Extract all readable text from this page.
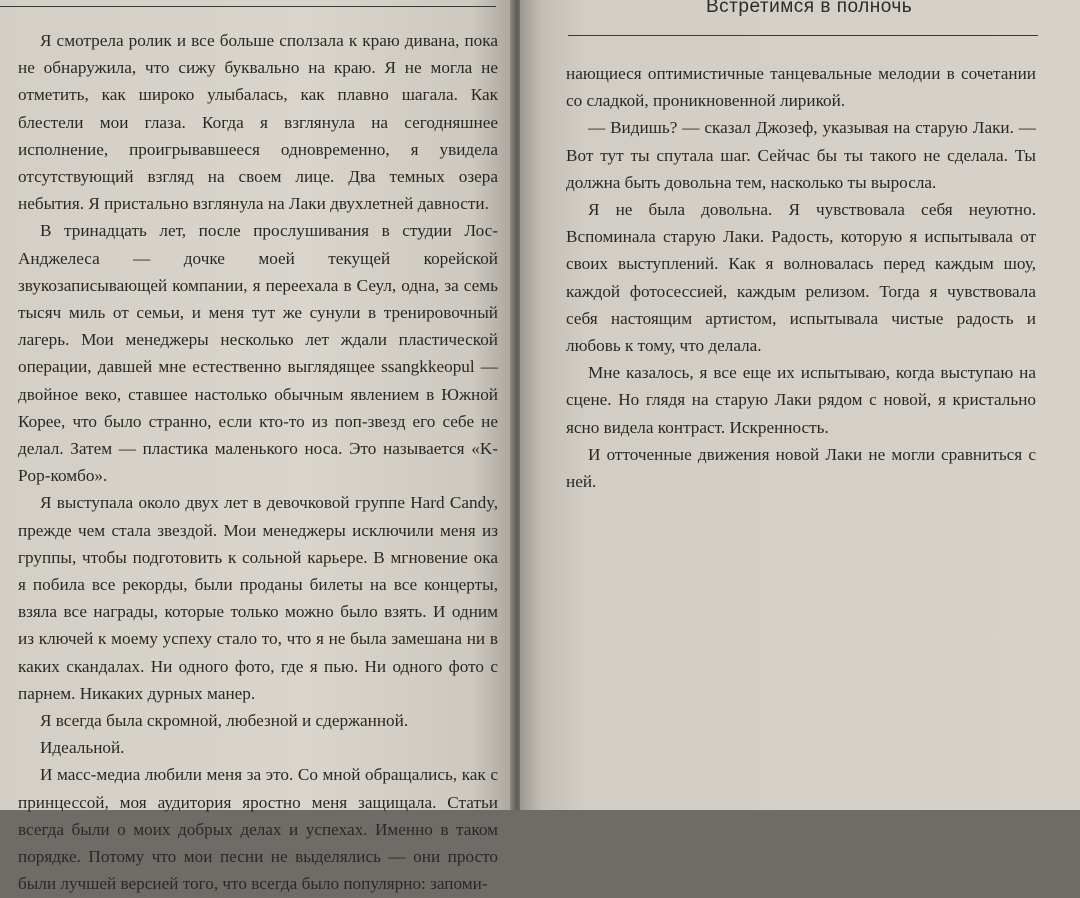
Я смотрела ролик и все больше сползала к краю дивана, пока не обнаружила, что сижу буквально на краю. Я не могла не отметить, как широко улыбалась, как плавно шагала. Как блестели мои глаза. Когда я взглянула на сегодняшнее исполнение, проигрывавшееся одновременно, я увидела отсутствующий взгляд на своем лице. Два темных озера небытия. Я пристально взглянула на Лаки двухлетней давности.

В тринадцать лет, после прослушивания в студии Лос-Анджелеса — дочке моей текущей корейской звукозаписывающей компании, я переехала в Сеул, одна, за семь тысяч миль от семьи, и меня тут же сунули в тренировочный лагерь. Мои менеджеры несколько лет ждали пластической операции, давшей мне естественно выглядящее ssangkkeopul — двойное веко, ставшее настолько обычным явлением в Южной Корее, что было странно, если кто-то из поп-звезд его себе не делал. Затем — пластика маленького носа. Это называется «K-Pop-комбо».

Я выступала около двух лет в девочковой группе Hard Candy, прежде чем стала звездой. Мои менеджеры исключили меня из группы, чтобы подготовить к сольной карьере. В мгновение ока я побила все рекорды, были проданы билеты на все концерты, взяла все награды, которые только можно было взять. И одним из ключей к моему успеху стало то, что я не была замешана ни в каких скандалах. Ни одного фото, где я пью. Ни одного фото с парнем. Никаких дурных манер.

Я всегда была скромной, любезной и сдержанной.

Идеальной.

И масс-медиа любили меня за это. Со мной обращались, как с принцессой, моя аудитория яростно меня защищала. Статьи всегда были о моих добрых делах и успехах. Именно в таком порядке. Потому что мои песни не выделялись — они просто были лучшей версией того, что всегда было популярно: запоми-

Встретимся в полночь

нающиеся оптимистичные танцевальные мелодии в сочетании со сладкой, проникновенной лирикой.

— Видишь? — сказал Джозеф, указывая на старую Лаки. — Вот тут ты спутала шаг. Сейчас бы ты такого не сделала. Ты должна быть довольна тем, насколько ты выросла.

Я не была довольна. Я чувствовала себя неуютно. Вспоминала старую Лаки. Радость, которую я испытывала от своих выступлений. Как я волновалась перед каждым шоу, каждой фотосессией, каждым релизом. Тогда я чувствовала себя настоящим артистом, испытывала чистые радость и любовь к тому, что делала.

Мне казалось, я все еще их испытываю, когда выступаю на сцене. Но глядя на старую Лаки рядом с новой, я кристально ясно видела контраст. Искренность.

И отточенные движения новой Лаки не могли сравниться с ней.
